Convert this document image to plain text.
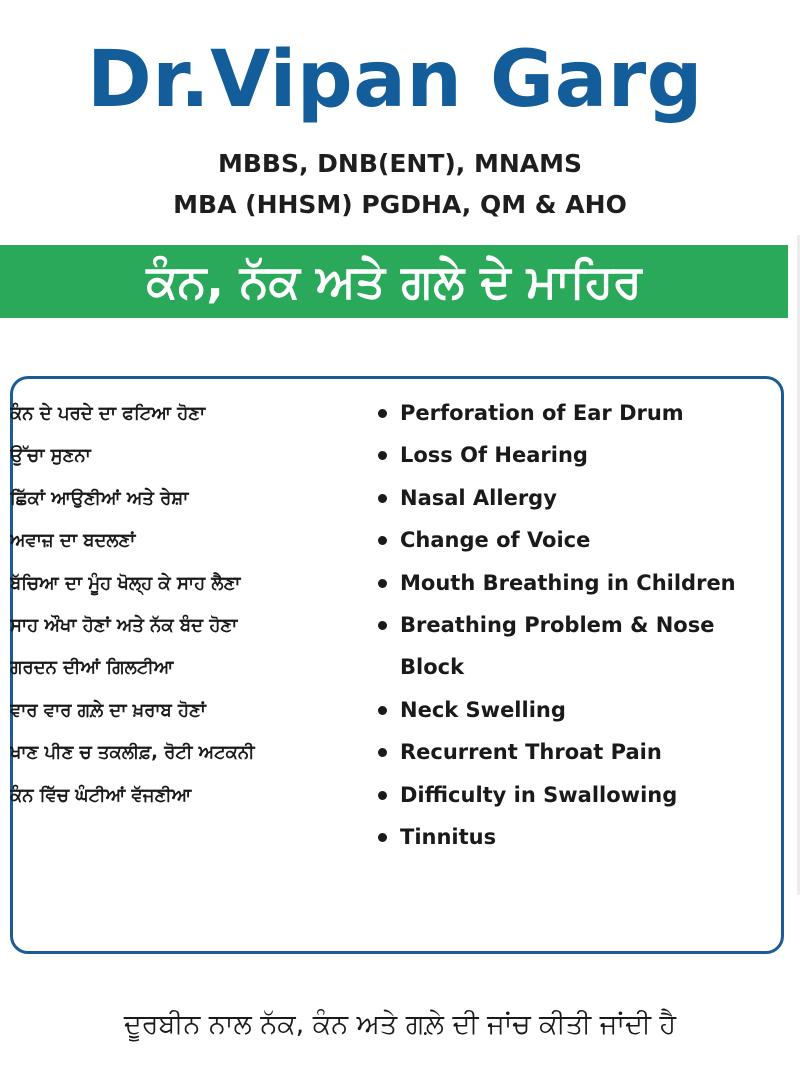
Dr.Vipan Garg
MBBS, DNB(ENT), MNAMS
MBA (HHSM) PGDHA, QM & AHO
ਕੰਨ, ਨੱਕ ਅਤੇ ਗਲੇ ਦੇ ਮਾਹਿਰ
ਕੰਨ ਦੇ ਪਰਦੇ ਦਾ ਫਟਿਆ ਹੋਣਾ
ਉੱਚਾ ਸੁਣਨਾ
ਛਿੱਕਾਂ ਆਉਣੀਆਂ ਅਤੇ ਰੇਸ਼ਾ
ਅਵਾਜ਼ ਦਾ ਬਦਲਣਾਂ
ਬੱਚਿਆ ਦਾ ਮੂੰਹ ਖੋਲ੍ਹ ਕੇ ਸਾਹ ਲੈਣਾ
ਸਾਹ ਔਖਾ ਹੋਣਾਂ ਅਤੇ ਨੱਕ ਬੰਦ ਹੋਣਾ
ਗਰਦਨ ਦੀਆਂ ਗਿਲਟੀਆ
ਵਾਰ ਵਾਰ ਗਲ਼ੇ ਦਾ ਖ਼ਰਾਬ ਹੋਣਾਂ
ਖਾਣ ਪੀਣ ਚ ਤਕਲੀਫ਼, ਰੋਟੀ ਅਟਕਨੀ
ਕੰਨ ਵਿੱਚ ਘੰਟੀਆਂ ਵੱਜਣੀਆ
Perforation of Ear Drum
Loss Of Hearing
Nasal Allergy
Change of Voice
Mouth Breathing in Children
Breathing Problem & Nose Block
Neck Swelling
Recurrent Throat Pain
Difficulty in Swallowing
Tinnitus
ਦੂਰਬੀਨ ਨਾਲ ਨੱਕ, ਕੰਨ ਅਤੇ ਗਲ਼ੇ ਦੀ ਜਾਂਚ ਕੀਤੀ ਜਾਂਦੀ ਹੈ
